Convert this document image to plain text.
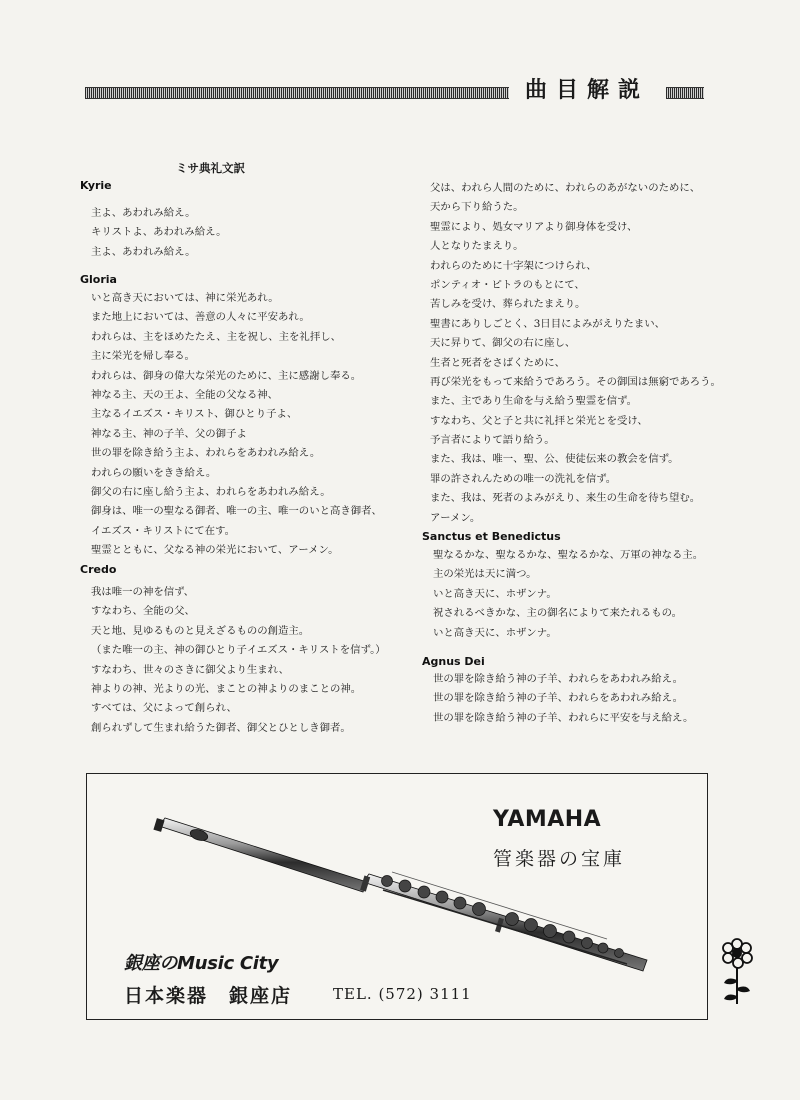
曲目解説
ミサ典礼文訳
Kyrie
主よ、あわれみ給え。
キリストよ、あわれみ給え。
主よ、あわれみ給え。
Gloria
いと高き天においては、神に栄光あれ。
また地上においては、善意の人々に平安あれ。
われらは、主をほめたたえ、主を祝し、主を礼拝し、
主に栄光を帰し奉る。
われらは、御身の偉大な栄光のために、主に感謝し奉る。
神なる主、天の王よ、全能の父なる神、
主なるイエズス・キリスト、御ひとり子よ、
神なる主、神の子羊、父の御子よ
世の罪を除き給う主よ、われらをあわれみ給え。
われらの願いをきき給え。
御父の右に座し給う主よ、われらをあわれみ給え。
御身は、唯一の聖なる御者、唯一の主、唯一のいと高き御者、
イエズス・キリストにて在す。
聖霊とともに、父なる神の栄光において、アーメン。
Credo
我は唯一の神を信ず、
すなわち、全能の父、
天と地、見ゆるものと見えざるものの創造主。
（また唯一の主、神の御ひとり子イエズス・キリストを信ず。）
すなわち、世々のさきに御父より生まれ、
神よりの神、光よりの光、まことの神よりのまことの神。
すべては、父によって創られ、
創られずして生まれ給うた御者、御父とひとしき御者。
父は、われら人間のために、われらのあがないのために、
天から下り給うた。
聖霊により、処女マリアより御身体を受け、
人となりたまえり。
われらのために十字架につけられ、
ポンティオ・ピトラのもとにて、
苦しみを受け、葬られたまえり。
聖書にありしごとく、3日目によみがえりたまい、
天に昇りて、御父の右に座し、
生者と死者をさばくために、
再び栄光をもって来給うであろう。その御国は無窮であろう。
また、主であり生命を与え給う聖霊を信ず。
すなわち、父と子と共に礼拝と栄光とを受け、
予言者によりて語り給う。
また、我は、唯一、聖、公、使徒伝来の教会を信ず。
罪の許されんための唯一の洗礼を信ず。
また、我は、死者のよみがえり、来生の生命を待ち望む。
アーメン。
Sanctus et Benedictus
聖なるかな、聖なるかな、聖なるかな、万軍の神なる主。
主の栄光は天に満つ。
いと高き天に、ホザンナ。
祝されるべきかな、主の御名によりて来たれるもの。
いと高き天に、ホザンナ。
Agnus Dei
世の罪を除き給う神の子羊、われらをあわれみ給え。
世の罪を除き給う神の子羊、われらをあわれみ給え。
世の罪を除き給う神の子羊、われらに平安を与え給え。
YAMAHA
管楽器の宝庫
銀座のMusic City
日本楽器　銀座店	TEL. (572) 3111
